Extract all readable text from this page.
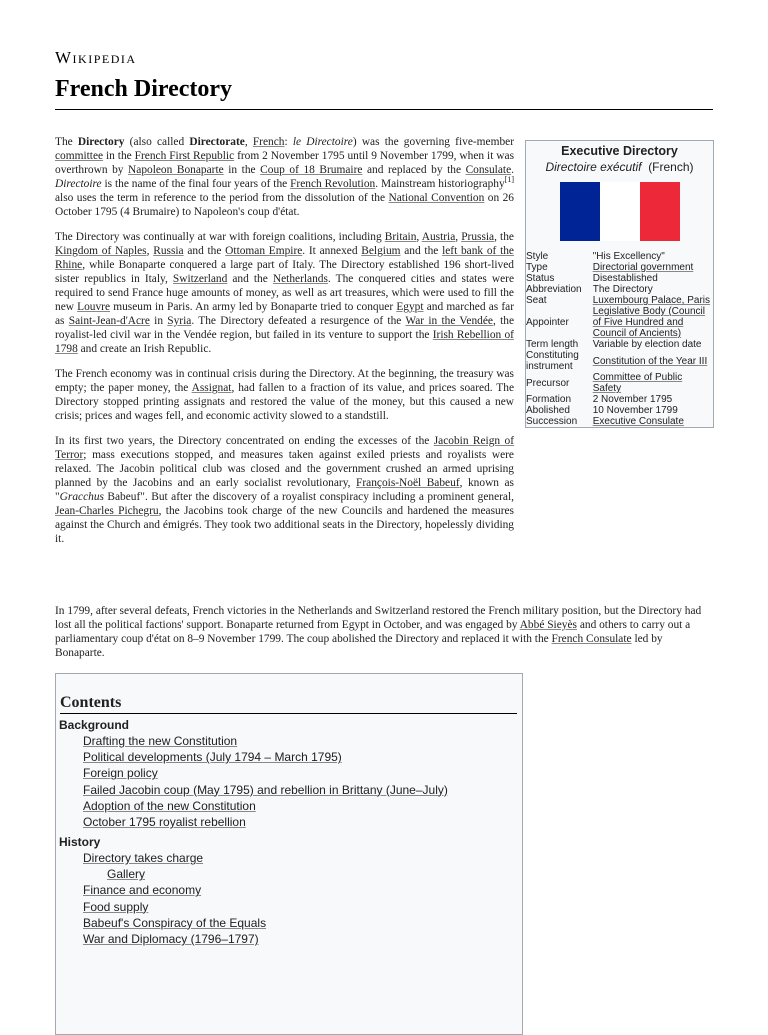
Wikipedia
French Directory

The Directory (also called Directorate, French: le Directoire) was the governing five-member committee in the French First Republic from 2 November 1795 until 9 November 1799, when it was overthrown by Napoleon Bonaparte in the Coup of 18 Brumaire and replaced by the Consulate. Directoire is the name of the final four years of the French Revolution. Mainstream historiography[1] also uses the term in reference to the period from the dissolution of the National Convention on 26 October 1795 (4 Brumaire) to Napoleon's coup d'état.

The Directory was continually at war with foreign coalitions, including Britain, Austria, Prussia, the Kingdom of Naples, Russia and the Ottoman Empire. It annexed Belgium and the left bank of the Rhine, while Bonaparte conquered a large part of Italy. The Directory established 196 short-lived sister republics in Italy, Switzerland and the Netherlands. The conquered cities and states were required to send France huge amounts of money, as well as art treasures, which were used to fill the new Louvre museum in Paris. An army led by Bonaparte tried to conquer Egypt and marched as far as Saint-Jean-d'Acre in Syria. The Directory defeated a resurgence of the War in the Vendée, the royalist-led civil war in the Vendée region, but failed in its venture to support the Irish Rebellion of 1798 and create an Irish Republic.

The French economy was in continual crisis during the Directory. At the beginning, the treasury was empty; the paper money, the Assignat, had fallen to a fraction of its value, and prices soared. The Directory stopped printing assignats and restored the value of the money, but this caused a new crisis; prices and wages fell, and economic activity slowed to a standstill.

In its first two years, the Directory concentrated on ending the excesses of the Jacobin Reign of Terror; mass executions stopped, and measures taken against exiled priests and royalists were relaxed. The Jacobin political club was closed and the government crushed an armed uprising planned by the Jacobins and an early socialist revolutionary, François-Noël Babeuf, known as "Gracchus Babeuf". But after the discovery of a royalist conspiracy including a prominent general, Jean-Charles Pichegru, the Jacobins took charge of the new Councils and hardened the measures against the Church and émigrés. They took two additional seats in the Directory, hopelessly dividing it.

In 1799, after several defeats, French victories in the Netherlands and Switzerland restored the French military position, but the Directory had lost all the political factions' support. Bonaparte returned from Egypt in October, and was engaged by Abbé Sieyès and others to carry out a parliamentary coup d'état on 8–9 November 1799. The coup abolished the Directory and replaced it with the French Consulate led by Bonaparte.

Executive Directory
Directoire exécutif (French)	

Style	"His Excellency"
Type	Directorial government
Status	Disestablished
Abbreviation	The Directory
Seat	Luxembourg Palace, Paris
Appointer	Legislative Body (Council of Five Hundred and Council of Ancients)
Term length	Variable by election date
Constituting instrument	Constitution of the Year III
Precursor	Committee of Public Safety
Formation	2 November 1795
Abolished	10 November 1799
Succession	Executive Consulate
Contents
Background
Drafting the new Constitution
Political developments (July 1794 – March 1795)
Foreign policy
Failed Jacobin coup (May 1795) and rebellion in Brittany (June–July)
Adoption of the new Constitution
October 1795 royalist rebellion
History
Directory takes charge
Gallery
Finance and economy
Food supply
Babeuf's Conspiracy of the Equals
War and Diplomacy (1796–1797)
